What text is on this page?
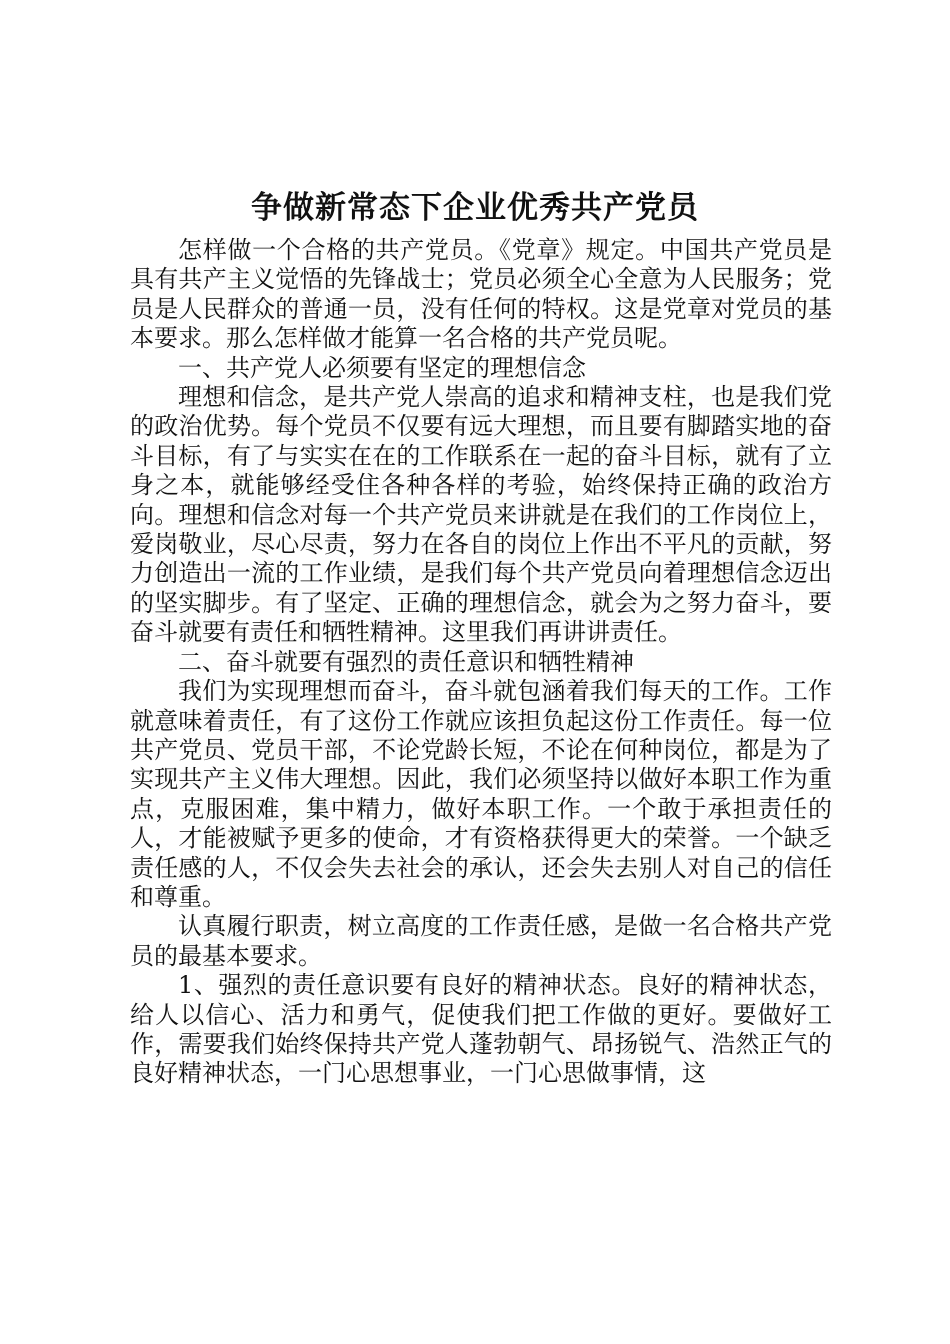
争做新常态下企业优秀共产党员

怎样做一个合格的共产党员。《党章》规定。中国共产党员是具有共产主义觉悟的先锋战士；党员必须全心全意为人民服务；党员是人民群众的普通一员，没有任何的特权。这是党章对党员的基本要求。那么怎样做才能算一名合格的共产党员呢。

一、共产党人必须要有坚定的理想信念

理想和信念，是共产党人崇高的追求和精神支柱，也是我们党的政治优势。每个党员不仅要有远大理想，而且要有脚踏实地的奋斗目标，有了与实实在在的工作联系在一起的奋斗目标，就有了立身之本，就能够经受住各种各样的考验，始终保持正确的政治方向。理想和信念对每一个共产党员来讲就是在我们的工作岗位上，爱岗敬业，尽心尽责，努力在各自的岗位上作出不平凡的贡献，努力创造出一流的工作业绩，是我们每个共产党员向着理想信念迈出的坚实脚步。有了坚定、正确的理想信念，就会为之努力奋斗，要奋斗就要有责任和牺牲精神。这里我们再讲讲责任。

二、奋斗就要有强烈的责任意识和牺牲精神

我们为实现理想而奋斗，奋斗就包涵着我们每天的工作。工作就意味着责任，有了这份工作就应该担负起这份工作责任。每一位共产党员、党员干部，不论党龄长短，不论在何种岗位，都是为了实现共产主义伟大理想。因此，我们必须坚持以做好本职工作为重点，克服困难，集中精力，做好本职工作。一个敢于承担责任的人，才能被赋予更多的使命，才有资格获得更大的荣誉。一个缺乏责任感的人，不仅会失去社会的承认，还会失去别人对自己的信任和尊重。

认真履行职责，树立高度的工作责任感，是做一名合格共产党员的最基本要求。

1、强烈的责任意识要有良好的精神状态。良好的精神状态，给人以信心、活力和勇气，促使我们把工作做的更好。要做好工作，需要我们始终保持共产党人蓬勃朝气、昂扬锐气、浩然正气的良好精神状态，一门心思想事业，一门心思做事情，这
